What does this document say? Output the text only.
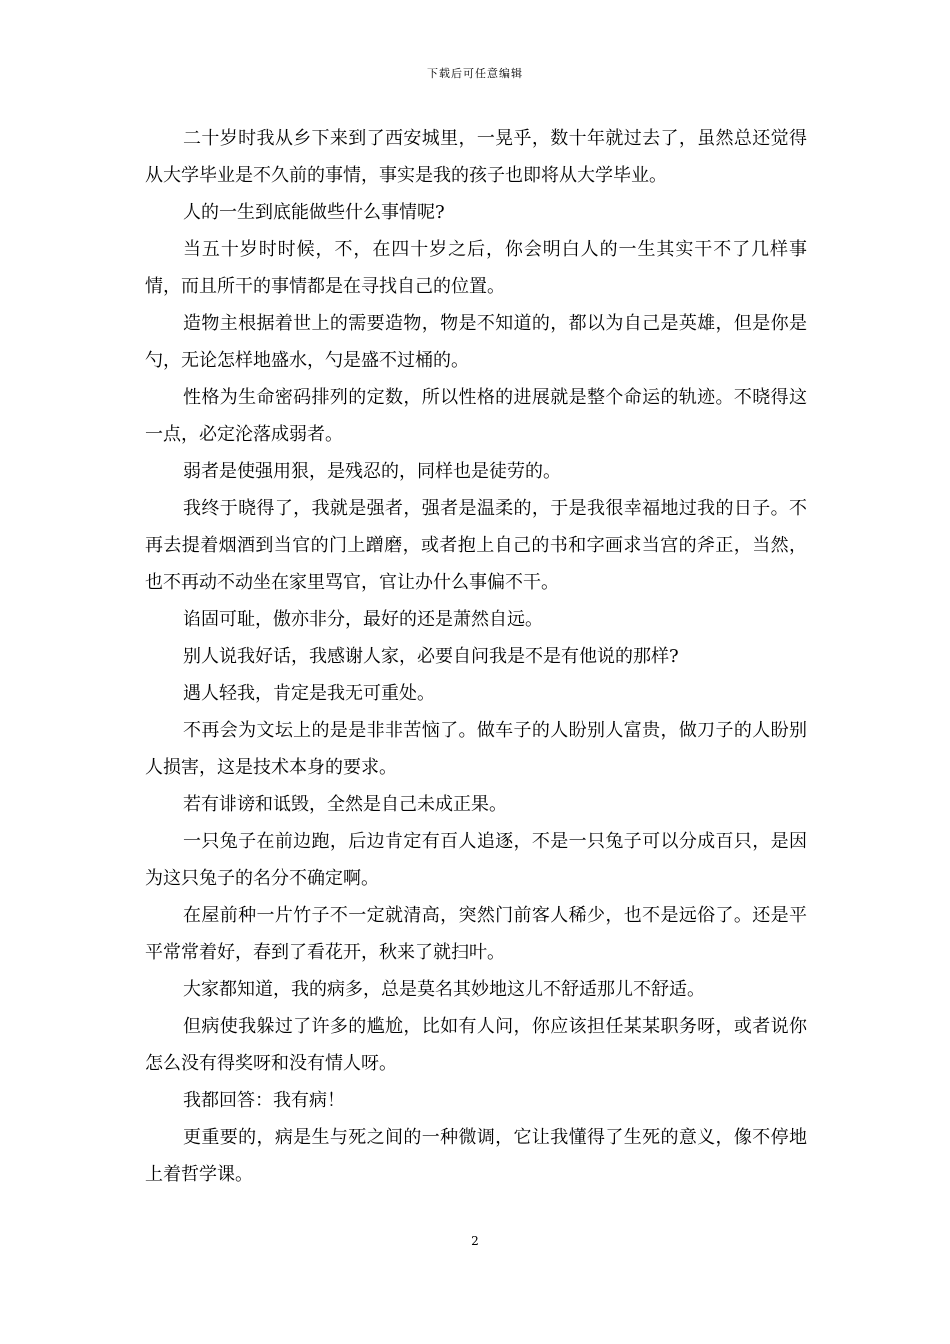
下载后可任意编辑

二十岁时我从乡下来到了西安城里，一晃乎，数十年就过去了，虽然总还觉得从大学毕业是不久前的事情，事实是我的孩子也即将从大学毕业。

人的一生到底能做些什么事情呢?

当五十岁时时候，不，在四十岁之后，你会明白人的一生其实干不了几样事情，而且所干的事情都是在寻找自己的位置。

造物主根据着世上的需要造物，物是不知道的，都以为自己是英雄，但是你是勺，无论怎样地盛水，勺是盛不过桶的。

性格为生命密码排列的定数，所以性格的进展就是整个命运的轨迹。不晓得这一点，必定沦落成弱者。

弱者是使强用狠，是残忍的，同样也是徒劳的。

我终于晓得了，我就是强者，强者是温柔的，于是我很幸福地过我的日子。不再去提着烟酒到当官的门上蹭磨，或者抱上自己的书和字画求当宫的斧正，当然，也不再动不动坐在家里骂官，官让办什么事偏不干。

谄固可耻，傲亦非分，最好的还是萧然自远。

别人说我好话，我感谢人家，必要自问我是不是有他说的那样?

遇人轻我，肯定是我无可重处。

不再会为文坛上的是是非非苦恼了。做车子的人盼别人富贵，做刀子的人盼别人损害，这是技术本身的要求。

若有诽谤和诋毁，全然是自己未成正果。

一只兔子在前边跑，后边肯定有百人追逐，不是一只兔子可以分成百只，是因为这只兔子的名分不确定啊。

在屋前种一片竹子不一定就清高，突然门前客人稀少，也不是远俗了。还是平平常常着好，春到了看花开，秋来了就扫叶。

大家都知道，我的病多，总是莫名其妙地这儿不舒适那儿不舒适。

但病使我躲过了许多的尴尬，比如有人问，你应该担任某某职务呀，或者说你怎么没有得奖呀和没有情人呀。

我都回答：我有病！

更重要的，病是生与死之间的一种微调，它让我懂得了生死的意义，像不停地上着哲学课。

2
